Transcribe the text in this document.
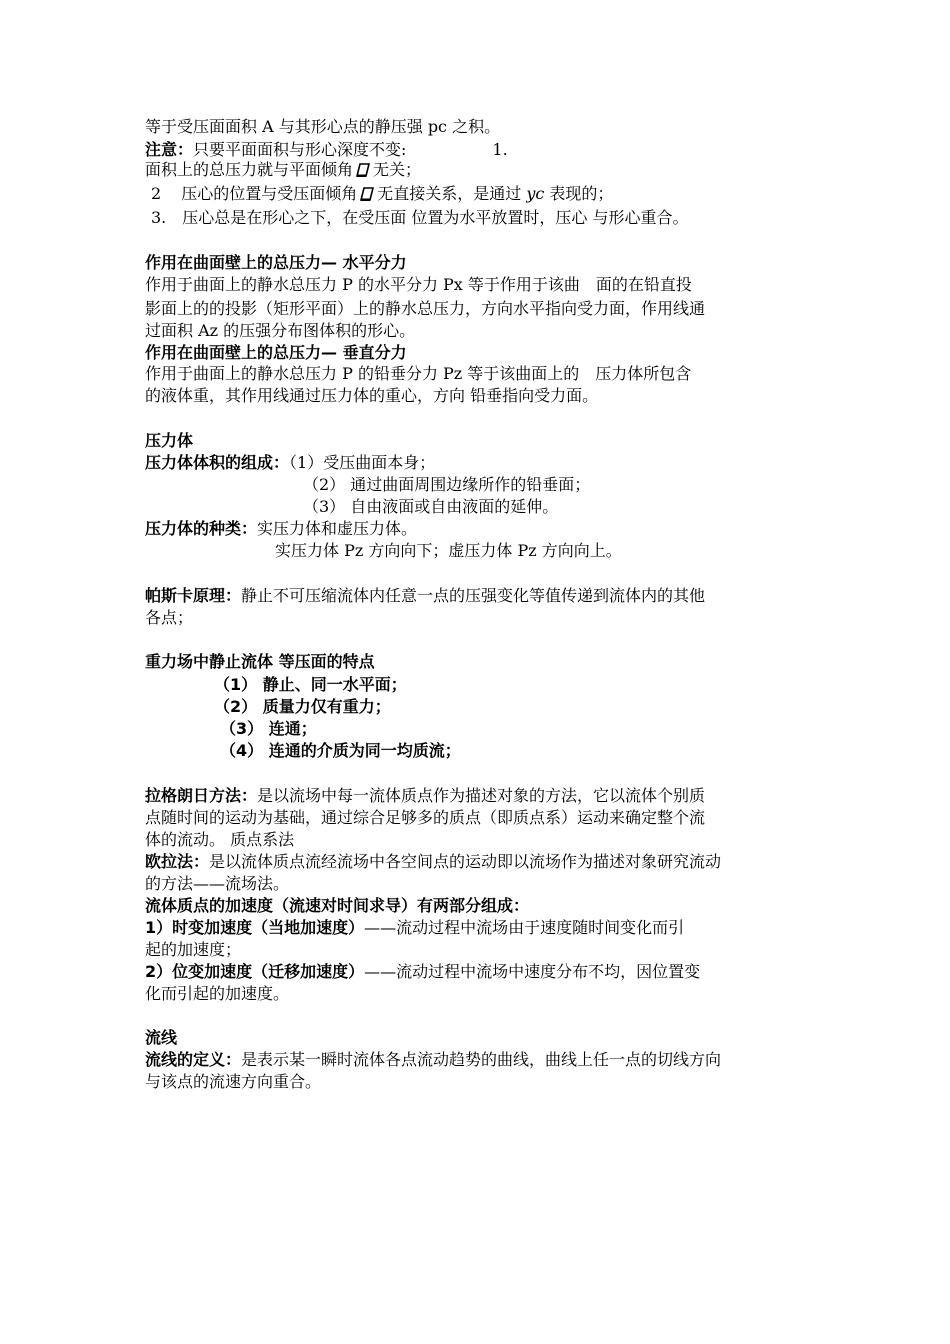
等于受压面面积 A 与其形心点的静压强 pc 之积。
注意：只要平面面积与形心深度不变:	1.
面积上的总压力就与平面倾角 无关；
2 压心的位置与受压面倾角 无直接关系，是通过 yc 表现的；
3. 压心总是在形心之下，在受压面 位置为水平放置时，压心 与形心重合。
作用在曲面壁上的总压力— 水平分力
作用于曲面上的静水总压力 P 的水平分力 Px 等于作用于该曲　面的在铅直投
影面上的的投影（矩形平面）上的静水总压力，方向水平指向受力面，作用线通
过面积 Az 的压强分布图体积的形心。
作用在曲面壁上的总压力— 垂直分力
作用于曲面上的静水总压力 P 的铅垂分力 Pz 等于该曲面上的　压力体所包含
的液体重，其作用线通过压力体的重心，方向 铅垂指向受力面。
压力体
压力体体积的组成：（1）受压曲面本身；
（2） 通过曲面周围边缘所作的铅垂面；
（3） 自由液面或自由液面的延伸。
压力体的种类：实压力体和虚压力体。
实压力体 Pz 方向向下；虚压力体 Pz 方向向上。
帕斯卡原理：静止不可压缩流体内任意一点的压强变化等值传递到流体内的其他
各点；
重力场中静止流体 等压面的特点
（1） 静止、同一水平面；
（2） 质量力仅有重力；
（3） 连通；
（4） 连通的介质为同一均质流；
拉格朗日方法：是以流场中每一流体质点作为描述对象的方法，它以流体个别质
点随时间的运动为基础，通过综合足够多的质点（即质点系）运动来确定整个流
体的流动。 质点系法
欧拉法：是以流体质点流经流场中各空间点的运动即以流场作为描述对象研究流动
的方法——流场法。
流体质点的加速度（流速对时间求导）有两部分组成：
1）时变加速度（当地加速度）——流动过程中流场由于速度随时间变化而引
起的加速度；
2）位变加速度（迁移加速度）——流动过程中流场中速度分布不均，因位置变
化而引起的加速度。
流线
流线的定义：是表示某一瞬时流体各点流动趋势的曲线，曲线上任一点的切线方向
与该点的流速方向重合。
